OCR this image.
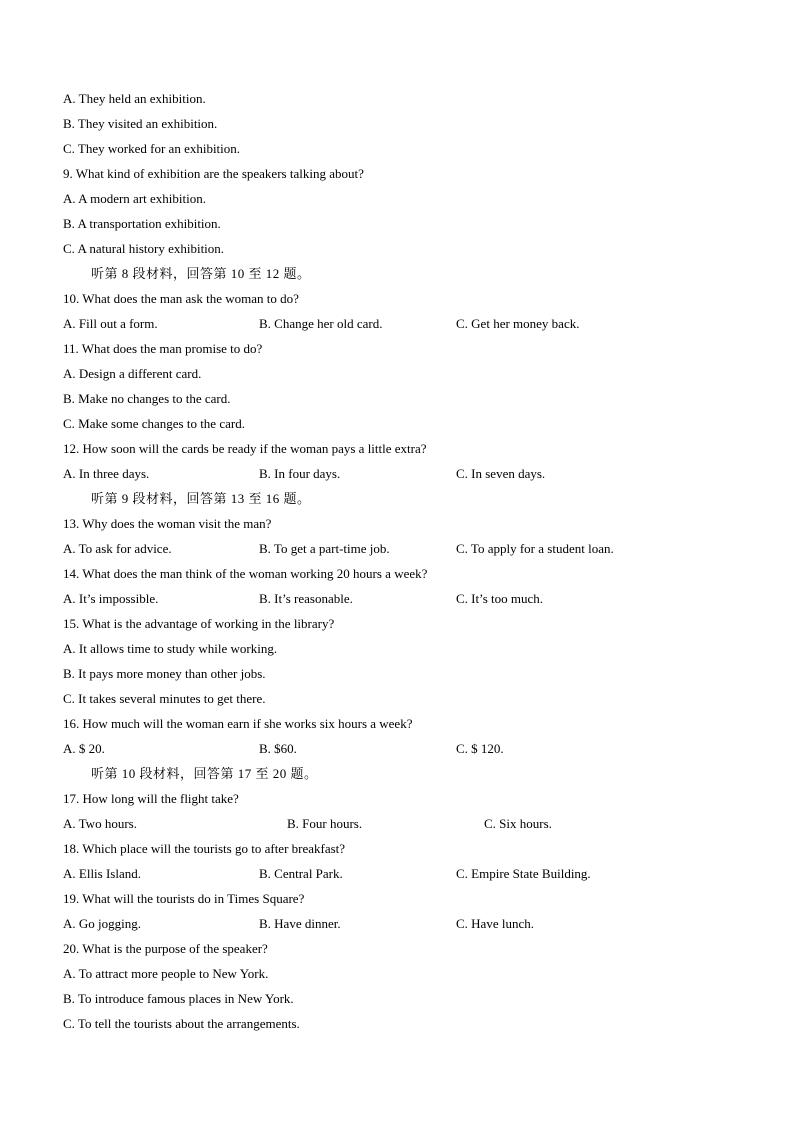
A. They held an exhibition.
B. They visited an exhibition.
C. They worked for an exhibition.
9. What kind of exhibition are the speakers talking about?
A. A modern art exhibition.
B. A transportation exhibition.
C. A natural history exhibition.
听第 8 段材料，回答第 10 至 12 题。
10. What does the man ask the woman to do?
A. Fill out a form.	B. Change her old card.	C. Get her money back.
11. What does the man promise to do?
A. Design a different card.
B. Make no changes to the card.
C. Make some changes to the card.
12. How soon will the cards be ready if the woman pays a little extra?
A. In three days.	B. In four days.	C. In seven days.
听第 9 段材料，回答第 13 至 16 题。
13. Why does the woman visit the man?
A. To ask for advice.	B. To get a part-time job.	C. To apply for a student loan.
14. What does the man think of the woman working 20 hours a week?
A. It’s impossible.	B. It’s reasonable.	C. It’s too much.
15. What is the advantage of working in the library?
A. It allows time to study while working.
B. It pays more money than other jobs.
C. It takes several minutes to get there.
16. How much will the woman earn if she works six hours a week?
A. $ 20.	B. $60.	C. $ 120.
听第 10 段材料，回答第 17 至 20 题。
17. How long will the flight take?
A. Two hours.	B. Four hours.	C. Six hours.
18. Which place will the tourists go to after breakfast?
A. Ellis Island.	B. Central Park.	C. Empire State Building.
19. What will the tourists do in Times Square?
A. Go jogging.	B. Have dinner.	C. Have lunch.
20. What is the purpose of the speaker?
A. To attract more people to New York.
B. To introduce famous places in New York.
C. To tell the tourists about the arrangements.
